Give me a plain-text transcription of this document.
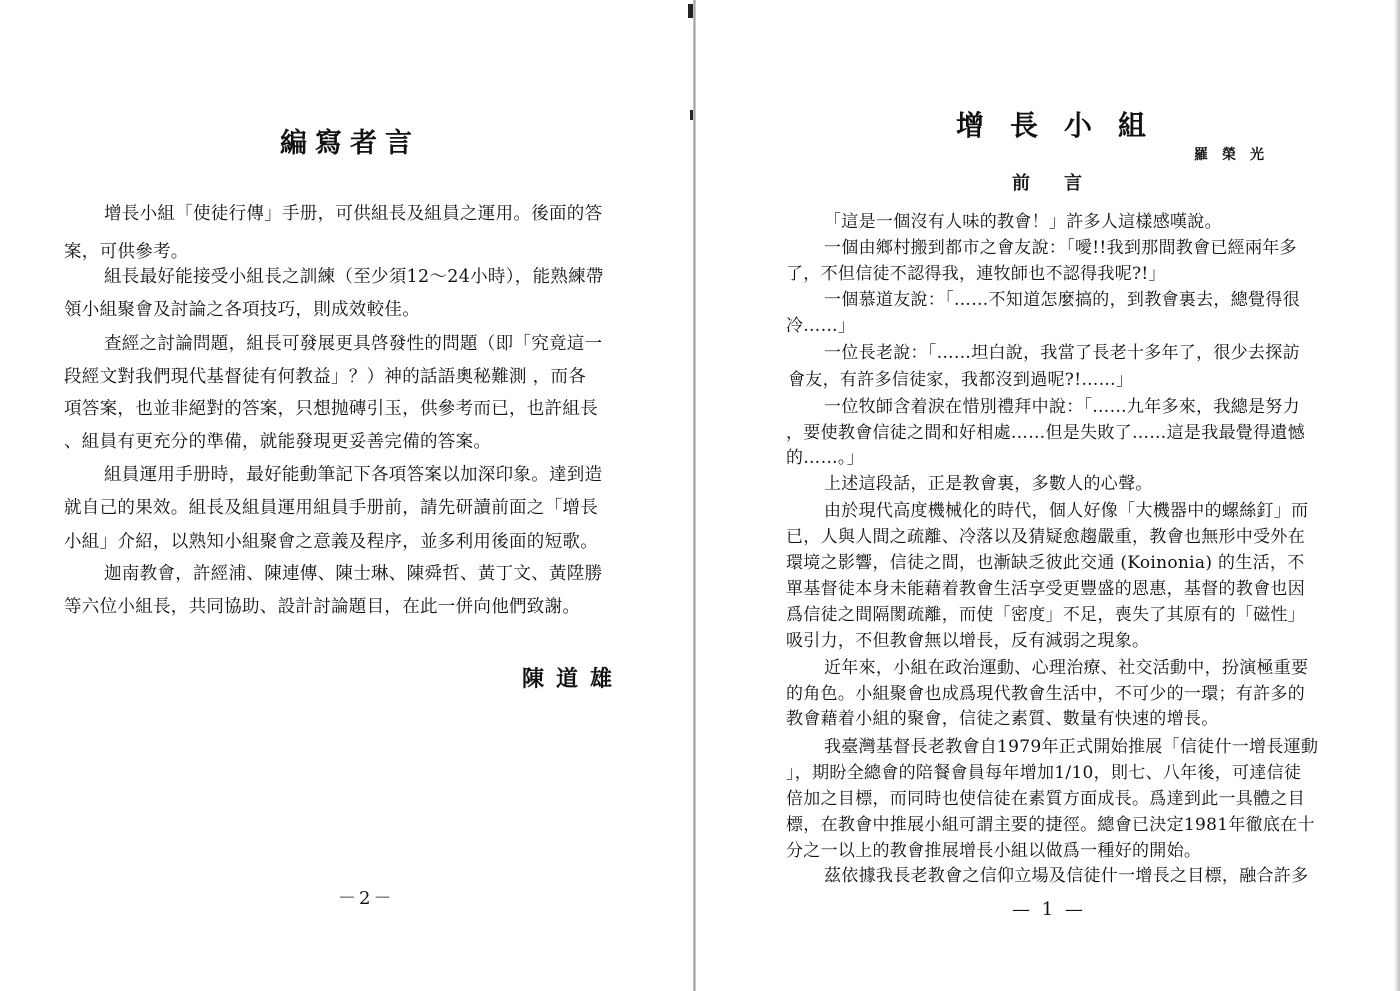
編寫者言
增長小組「使徒行傳」手册，可供組長及組員之運用。後面的答
案，可供參考。
組長最好能接受小組長之訓練（至少須12～24小時），能熟練帶
領小組聚會及討論之各項技巧，則成效較佳。
查經之討論問題，組長可發展更具啓發性的問題（即「究竟這一
段經文對我們現代基督徒有何教益」？）神的話語奧秘難測 ，而各
項答案，也並非絕對的答案，只想抛磚引玉，供參考而已，也許組長
、組員有更充分的準備，就能發現更妥善完備的答案。
組員運用手册時，最好能動筆記下各項答案以加深印象。達到造
就自己的果效。組長及組員運用組員手册前，請先研讀前面之「增長
小組」介紹，以熟知小組聚會之意義及程序，並多利用後面的短歌。
迦南教會，許經浦、陳連傳、陳士琳、陳舜哲、黃丁文、黃陞勝
等六位小組長，共同協助、設計討論題目，在此一併向他們致謝。
陳道雄
－2－
增長小組
羅榮光
前言
「這是一個沒有人味的教會！」許多人這樣感嘆說。
一個由鄉村搬到都市之會友說：「噯!!我到那間教會已經兩年多
了，不但信徒不認得我，連牧師也不認得我呢?!」
一個慕道友說：「……不知道怎麼搞的，到教會裏去，總覺得很
冷……」
一位長老說：「……坦白說，我當了長老十多年了，很少去探訪
會友，有許多信徒家，我都沒到過呢?!……」
一位牧師含着淚在惜別禮拜中說：「……九年多來，我總是努力
，要使教會信徒之間和好相處……但是失敗了……這是我最覺得遺憾
的……。」
上述這段話，正是教會裏，多數人的心聲。
由於現代高度機械化的時代，個人好像「大機器中的螺絲釘」而
已，人與人間之疏離、冷落以及猜疑愈趨嚴重，教會也無形中受外在
環境之影響，信徒之間，也漸缺乏彼此交通 (Koinonia) 的生活，不
單基督徒本身未能藉着教會生活享受更豐盛的恩惠，基督的教會也因
爲信徒之間隔閡疏離，而使「密度」不足，喪失了其原有的「磁性」
吸引力，不但教會無以增長，反有減弱之現象。
近年來，小組在政治運動、心理治療、社交活動中，扮演極重要
的角色。小組聚會也成爲現代教會生活中，不可少的一環；有許多的
教會藉着小組的聚會，信徒之素質、數量有快速的增長。
我臺灣基督長老教會自1979年正式開始推展「信徒什一增長運動
」，期盼全總會的陪餐會員每年增加1/10，則七、八年後，可達信徒
倍加之目標，而同時也使信徒在素質方面成長。爲達到此一具體之目
標，在教會中推展小組可謂主要的捷徑。總會已決定1981年徹底在十
分之一以上的教會推展增長小組以做爲一種好的開始。
茲依據我長老教會之信仰立場及信徒什一增長之目標，融合許多
— 1 —
